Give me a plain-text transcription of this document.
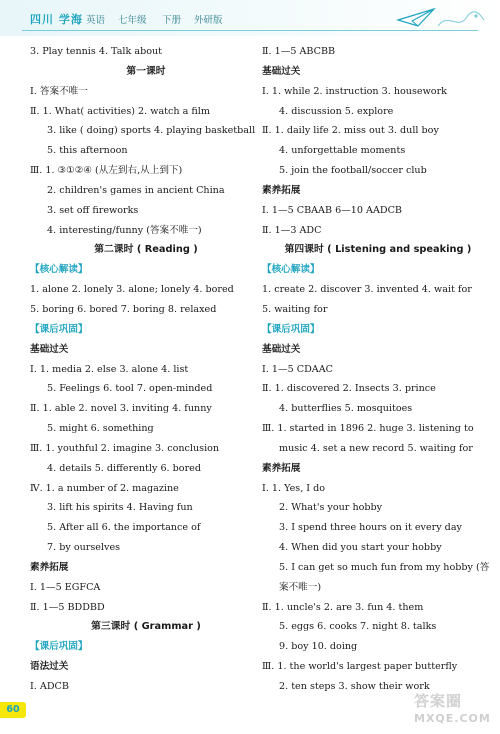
四川 学海 英语 七年级 下册 外研版
3. Play tennis 4. Talk about
第一课时
Ⅰ. 答案不唯一
Ⅱ. 1. What( activities) 2. watch a film
3. like ( doing) sports 4. playing basketball
5. this afternoon
Ⅲ. 1. ③①②④ (从左到右,从上到下)
2. children's games in ancient China
3. set off fireworks
4. interesting/funny (答案不唯一)
第二课时 ( Reading )
【核心解读】
1. alone 2. lonely 3. alone; lonely 4. bored
5. boring 6. bored 7. boring 8. relaxed
【课后巩固】
基础过关
Ⅰ. 1. media 2. else 3. alone 4. list
5. Feelings 6. tool 7. open-minded
Ⅱ. 1. able 2. novel 3. inviting 4. funny
5. might 6. something
Ⅲ. 1. youthful 2. imagine 3. conclusion
4. details 5. differently 6. bored
Ⅳ. 1. a number of 2. magazine
3. lift his spirits 4. Having fun
5. After all 6. the importance of
7. by ourselves
素养拓展
Ⅰ. 1—5 EGFCA
Ⅱ. 1—5 BDDBD
第三课时 ( Grammar )
【课后巩固】
语法过关
Ⅰ. ADCB
Ⅱ. 1—5 ABCBB
基础过关
Ⅰ. 1. while 2. instruction 3. housework
4. discussion 5. explore
Ⅱ. 1. daily life 2. miss out 3. dull boy
4. unforgettable moments
5. join the football/soccer club
素养拓展
Ⅰ. 1—5 CBAAB 6—10 AADCB
Ⅱ. 1—3 ADC
第四课时 ( Listening and speaking )
【核心解读】
1. create 2. discover 3. invented 4. wait for
5. waiting for
【课后巩固】
基础过关
Ⅰ. 1—5 CDAAC
Ⅱ. 1. discovered 2. Insects 3. prince
4. butterflies 5. mosquitoes
Ⅲ. 1. started in 1896 2. huge 3. listening to
music 4. set a new record 5. waiting for
素养拓展
Ⅰ. 1. Yes, I do
2. What's your hobby
3. I spend three hours on it every day
4. When did you start your hobby
5. I can get so much fun from my hobby (答
案不唯一)
Ⅱ. 1. uncle's 2. are 3. fun 4. them
5. eggs 6. cooks 7. night 8. talks
9. boy 10. doing
Ⅲ. 1. the world's largest paper butterfly
2. ten steps 3. show their work
60	答案圈
MXQE.COM
